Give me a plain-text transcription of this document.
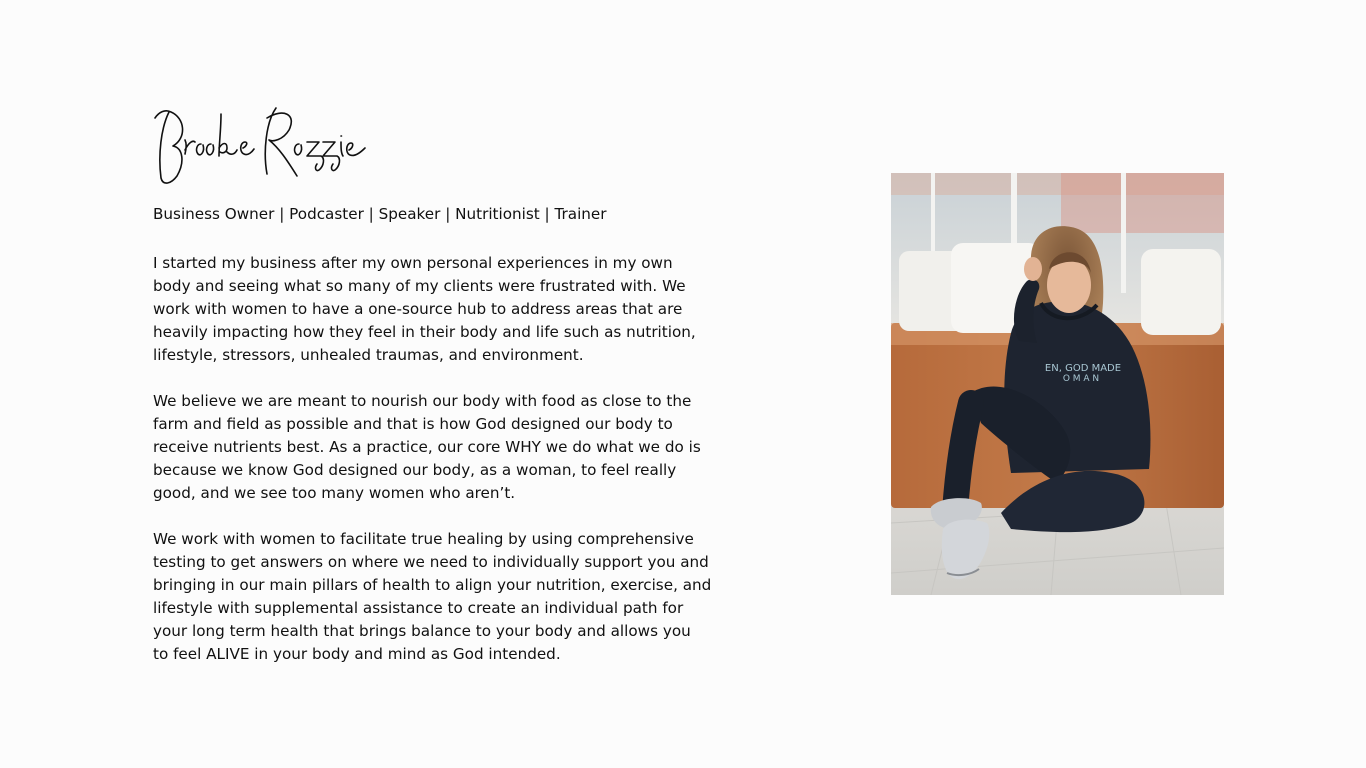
Business Owner | Podcaster | Speaker | Nutritionist | Trainer

I started my business after my own personal experiences in my own
body and seeing what so many of my clients were frustrated with. We
work with women to have a one-source hub to address areas that are
heavily impacting how they feel in their body and life such as nutrition,
lifestyle, stressors, unhealed traumas, and environment.

We believe we are meant to nourish our body with food as close to the
farm and field as possible and that is how God designed our body to
receive nutrients best. As a practice, our core WHY we do what we do is
because we know God designed our body, as a woman, to feel really
good, and we see too many women who aren’t.

We work with women to facilitate true healing by using comprehensive
testing to get answers on where we need to individually support you and
bringing in our main pillars of health to align your nutrition, exercise, and
lifestyle with supplemental assistance to create an individual path for
your long term health that brings balance to your body and allows you
to feel ALIVE in your body and mind as God intended.

EN, GOD MADE
O M A N
